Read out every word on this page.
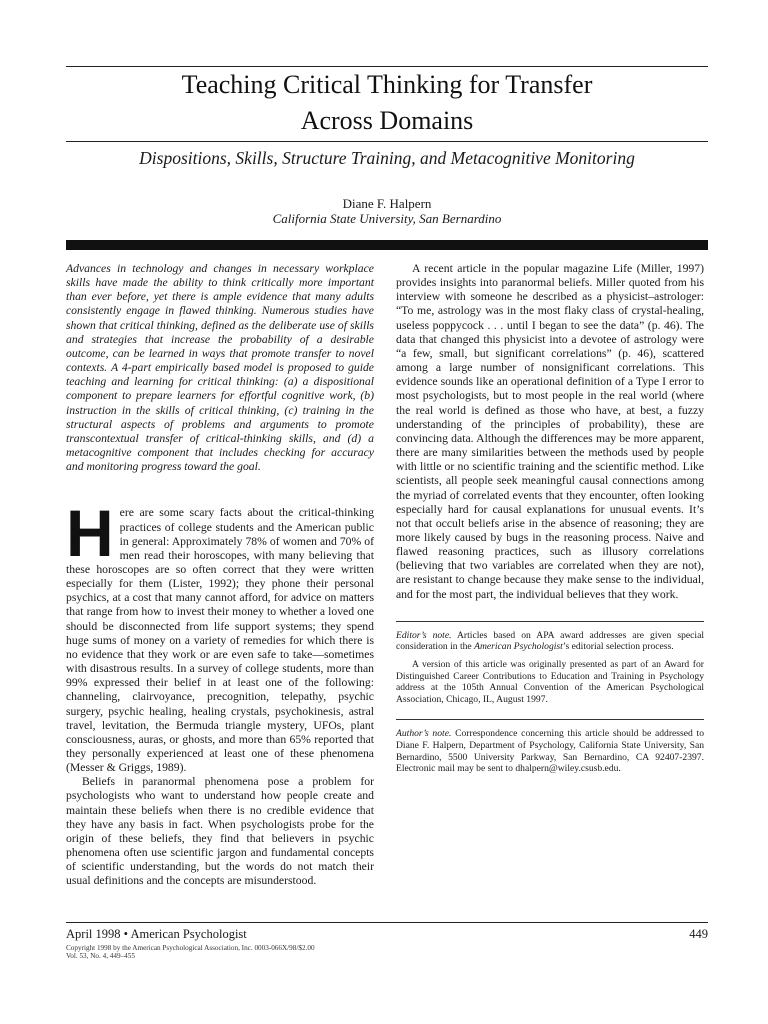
Teaching Critical Thinking for Transfer
Across Domains
Dispositions, Skills, Structure Training, and Metacognitive Monitoring
Diane F. Halpern
California State University, San Bernardino

Advances in technology and changes in necessary workplace skills have made the ability to think critically more important than ever before, yet there is ample evidence that many adults consistently engage in flawed thinking. Numerous studies have shown that critical thinking, defined as the deliberate use of skills and strategies that increase the probability of a desirable outcome, can be learned in ways that promote transfer to novel contexts. A 4-part empirically based model is proposed to guide teaching and learning for critical thinking: (a) a dispositional component to prepare learners for effortful cognitive work, (b) instruction in the skills of critical thinking, (c) training in the structural aspects of problems and arguments to promote transcontextual transfer of critical-thinking skills, and (d) a metacognitive component that includes checking for accuracy and monitoring progress toward the goal.

Here are some scary facts about the critical-thinking practices of college students and the American public in general: Approximately 78% of women and 70% of men read their horoscopes, with many believing that these horoscopes are so often correct that they were written especially for them (Lister, 1992); they phone their personal psychics, at a cost that many cannot afford, for advice on matters that range from how to invest their money to whether a loved one should be disconnected from life support systems; they spend huge sums of money on a variety of remedies for which there is no evidence that they work or are even safe to take—sometimes with disastrous results. In a survey of college students, more than 99% expressed their belief in at least one of the following: channeling, clairvoyance, precognition, telepathy, psychic surgery, psychic healing, healing crystals, psychokinesis, astral travel, levitation, the Bermuda triangle mystery, UFOs, plant consciousness, auras, or ghosts, and more than 65% reported that they personally experienced at least one of these phenomena (Messer & Griggs, 1989).

Beliefs in paranormal phenomena pose a problem for psychologists who want to understand how people create and maintain these beliefs when there is no credible evidence that they have any basis in fact. When psychologists probe for the origin of these beliefs, they find that believers in psychic phenomena often use scientific jargon and fundamental concepts of scientific understanding, but the words do not match their usual definitions and the concepts are misunderstood.

A recent article in the popular magazine Life (Miller, 1997) provides insights into paranormal beliefs. Miller quoted from his interview with someone he described as a physicist–astrologer: “To me, astrology was in the most flaky class of crystal-healing, useless poppycock . . . until I began to see the data” (p. 46). The data that changed this physicist into a devotee of astrology were “a few, small, but significant correlations” (p. 46), scattered among a large number of nonsignificant correlations. This evidence sounds like an operational definition of a Type I error to most psychologists, but to most people in the real world (where the real world is defined as those who have, at best, a fuzzy understanding of the principles of probability), these are convincing data. Although the differences may be more apparent, there are many similarities between the methods used by people with little or no scientific training and the scientific method. Like scientists, all people seek meaningful causal connections among the myriad of correlated events that they encounter, often looking especially hard for causal explanations for unusual events. It’s not that occult beliefs arise in the absence of reasoning; they are more likely caused by bugs in the reasoning process. Naive and flawed reasoning practices, such as illusory correlations (believing that two variables are correlated when they are not), are resistant to change because they make sense to the individual, and for the most part, the individual believes that they work.

Editor’s note. Articles based on APA award addresses are given special consideration in the American Psychologist’s editorial selection process.

A version of this article was originally presented as part of an Award for Distinguished Career Contributions to Education and Training in Psychology address at the 105th Annual Convention of the American Psychological Association, Chicago, IL, August 1997.

Author’s note. Correspondence concerning this article should be addressed to Diane F. Halpern, Department of Psychology, California State University, San Bernardino, 5500 University Parkway, San Bernardino, CA 92407-2397. Electronic mail may be sent to dhalpern@wiley.csusb.edu.

April 1998 • American Psychologist	449
Copyright 1998 by the American Psychological Association, Inc. 0003-066X/98/$2.00
Vol. 53, No. 4, 449–455
